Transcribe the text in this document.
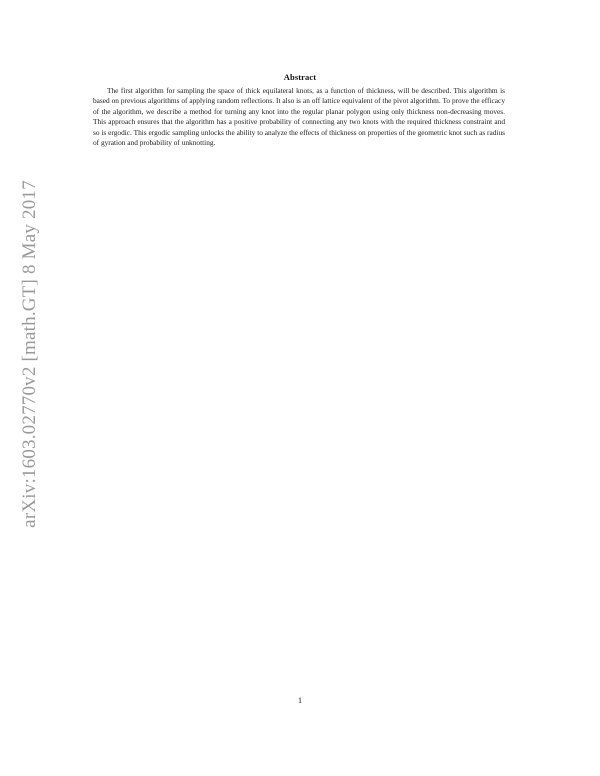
arXiv:1603.02770v2 [math.GT] 8 May 2017
Abstract

The first algorithm for sampling the space of thick equilateral knots, as a function of thickness, will be described. This algorithm is based on previous algorithms of applying random reflections. It also is an off lattice equivalent of the pivot algorithm. To prove the efficacy of the algorithm, we describe a method for turning any knot into the regular planar polygon using only thickness non-decreasing moves. This approach ensures that the algorithm has a positive probability of connecting any two knots with the required thickness constraint and so is ergodic. This ergodic sampling unlocks the ability to analyze the effects of thickness on properties of the geometric knot such as radius of gyration and probability of unknotting.

1
